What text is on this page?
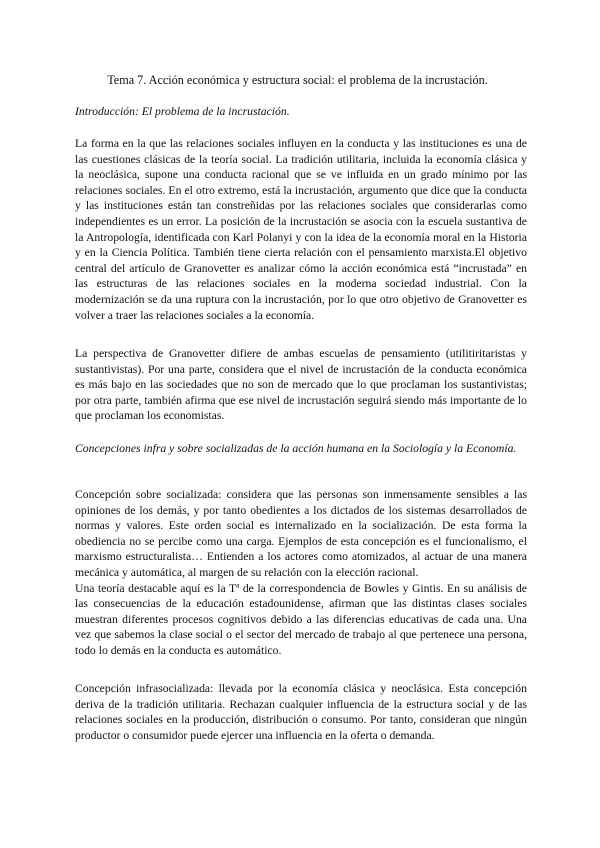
Tema 7. Acción económica y estructura social: el problema de la incrustación.
Introducción: El problema de la incrustación.
La forma en la que las relaciones sociales influyen en la conducta y las instituciones es una de las cuestiones clásicas de la teoría social. La tradición utilitaria, incluida la economía clásica y la neoclásica, supone una conducta racional que se ve influida en un grado mínimo por las relaciones sociales. En el otro extremo, está la incrustación, argumento que dice que la conducta y las instituciones están tan constreñidas por las relaciones sociales que considerarlas como independientes es un error. La posición de la incrustación se asocia con la escuela sustantiva de la Antropología, identificada con Karl Polanyi y con la idea de la economía moral en la Historia y en la Ciencia Política. También tiene cierta relación con el pensamiento marxista.El objetivo central del artículo de Granovetter es analizar cómo la acción económica está “incrustada” en las estructuras de las relaciones sociales en la moderna sociedad industrial. Con la modernización se da una ruptura con la incrustación, por lo que otro objetivo de Granovetter es volver a traer las relaciones sociales a la economía.
La perspectiva de Granovetter difiere de ambas escuelas de pensamiento (utilitiritaristas y sustantivistas). Por una parte, considera que el nivel de incrustación de la conducta económica es más bajo en las sociedades que no son de mercado que lo que proclaman los sustantivistas; por otra parte, también afirma que ese nivel de incrustación seguirá siendo más importante de lo que proclaman los economistas.
Concepciones infra y sobre socializadas de la acción humana en la Sociología y la Economía.

Concepción sobre socializada: considera que las personas son inmensamente sensibles a las opiniones de los demás, y por tanto obedientes a los dictados de los sistemas desarrollados de normas y valores. Este orden social es internalizado en la socialización. De esta forma la obediencia no se percibe como una carga. Ejemplos de esta concepción es el funcionalismo, el marxismo estructuralista… Entienden a los actores como atomizados, al actuar de una manera mecánica y automática, al margen de su relación con la elección racional.

Una teoría destacable aquí es la Tª de la correspondencia de Bowles y Gintis. En su análisis de las consecuencias de la educación estadounidense, afirman que las distintas clases sociales muestran diferentes procesos cognitivos debido a las diferencias educativas de cada una. Una vez que sabemos la clase social o el sector del mercado de trabajo al que pertenece una persona, todo lo demás en la conducta es automático.

Concepción infrasocializada: llevada por la economía clásica y neoclásica. Esta concepción deriva de la tradición utilitaria. Rechazan cualquier influencia de la estructura social y de las relaciones sociales en la producción, distribución o consumo. Por tanto, consideran que ningún productor o consumidor puede ejercer una influencia en la oferta o demanda.
